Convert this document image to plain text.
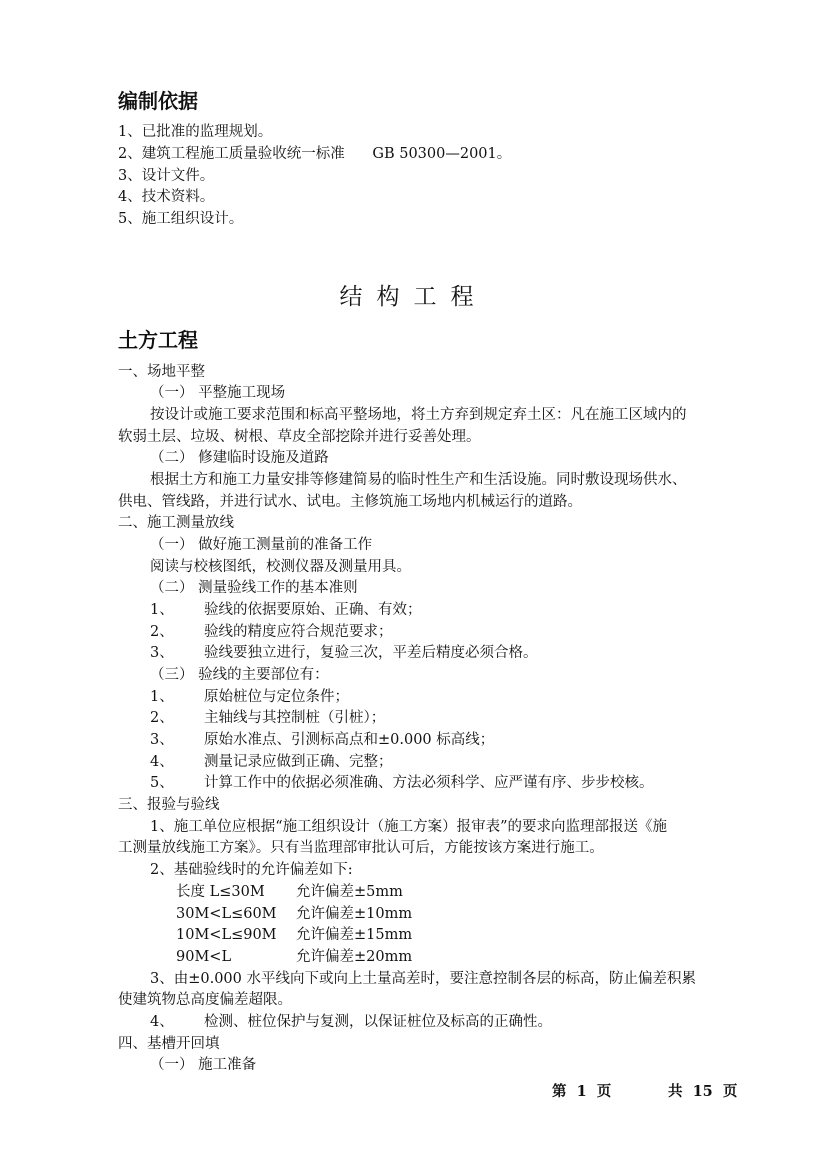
编制依据
1、已批准的监理规划。
2、建筑工程施工质量验收统一标准      GB 50300—2001。
3、设计文件。
4、技术资料。
5、施工组织设计。
结构工程
土方工程
一、场地平整
（一） 平整施工现场
按设计或施工要求范围和标高平整场地，将土方弃到规定弃土区：凡在施工区域内的
软弱土层、垃圾、树根、草皮全部挖除并进行妥善处理。
（二） 修建临时设施及道路
根据土方和施工力量安排等修建简易的临时性生产和生活设施。同时敷设现场供水、
供电、管线路，并进行试水、试电。主修筑施工场地内机械运行的道路。
二、施工测量放线
（一） 做好施工测量前的准备工作
阅读与校核图纸，校测仪器及测量用具。
（二） 测量验线工作的基本准则
1、 验线的依据要原始、正确、有效；
2、 验线的精度应符合规范要求；
3、 验线要独立进行，复验三次，平差后精度必须合格。
（三） 验线的主要部位有：
1、 原始桩位与定位条件；
2、 主轴线与其控制桩（引桩）；
3、 原始水准点、引测标高点和±0.000 标高线；
4、 测量记录应做到正确、完整；
5、 计算工作中的依据必须准确、方法必须科学、应严谨有序、步步校核。
三、报验与验线
1、施工单位应根据“施工组织设计（施工方案）报审表”的要求向监理部报送《施
工测量放线施工方案》。只有当监理部审批认可后，方能按该方案进行施工。
2、基础验线时的允许偏差如下:
长度 L≤30M 允许偏差±5mm
30M<L≤60M 允许偏差±10mm
10M<L≤90M 允许偏差±15mm
90M<L	允许偏差±20mm
3、由±0.000 水平线向下或向上土量高差时，要注意控制各层的标高，防止偏差积累
使建筑物总高度偏差超限。
4、 检测、桩位保护与复测，以保证桩位及标高的正确性。
四、基槽开回填
（一） 施工准备
第  1  页	共  15  页
